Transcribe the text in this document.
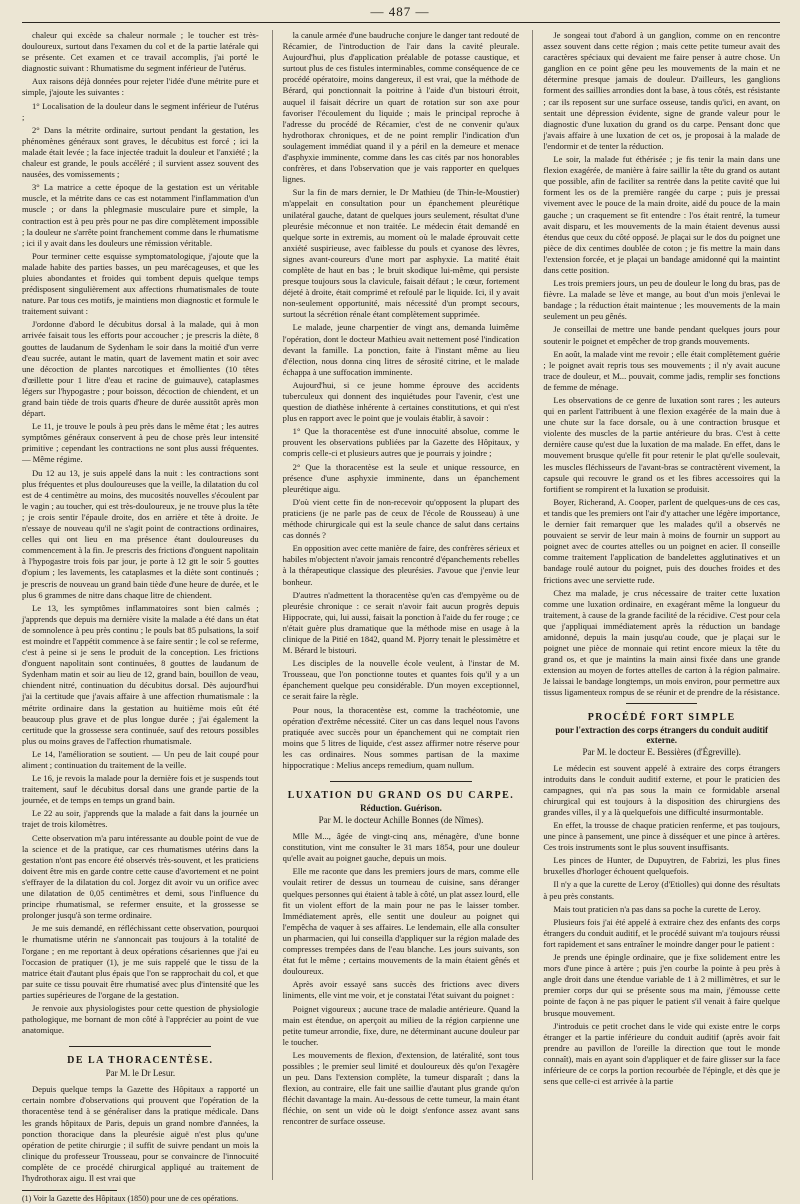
— 487 —

chaleur qui excède sa chaleur normale ; le toucher est très-douloureux, surtout dans l'examen du col et de la partie latérale qui se présente. Cet examen et ce travail accomplis, j'ai porté le diagnostic suivant : Rhumatisme du segment inférieur de l'utérus.

Aux raisons déjà données pour rejeter l'idée d'une métrite pure et simple, j'ajoute les suivantes :

1° Localisation de la douleur dans le segment inférieur de l'utérus ;

2° Dans la métrite ordinaire, surtout pendant la gestation, les phénomènes généraux sont graves, le décubitus est forcé ; ici la malade était levée ; la face injectée traduit la douleur et l'anxiété ; la chaleur est grande, le pouls accéléré ; il survient assez souvent des nausées, des vomissements ;

3° La matrice a cette époque de la gestation est un véritable muscle, et la métrite dans ce cas est notamment l'inflammation d'un muscle ; or dans la phlegmasie musculaire pure et simple, la contraction est à peu près pour ne pas dire complètement impossible ; la douleur ne s'arrête point franchement comme dans le rhumatisme ; ici il y avait dans les douleurs une rémission véritable.

Pour terminer cette esquisse symptomatologique, j'ajoute que la malade habite des parties basses, un peu marécageuses, et que les pluies abondantes et froides qui tombent depuis quelque temps prédisposent singulièrement aux affections rhumatismales de toute nature. Par tous ces motifs, je maintiens mon diagnostic et formule le traitement suivant :

J'ordonne d'abord le décubitus dorsal à la malade, qui à mon arrivée faisait tous les efforts pour accoucher ; je prescris la diète, 8 gouttes de laudanum de Sydenham le soir dans la moitié d'un verre d'eau sucrée, autant le matin, quart de lavement matin et soir avec une décoction de plantes narcotiques et émollientes (10 têtes d'œillette pour 1 litre d'eau et racine de guimauve), cataplasmes légers sur l'hypogastre ; pour boisson, décoction de chiendent, et un grand bain tiède de trois quarts d'heure de durée aussitôt après mon départ.

Le 11, je trouve le pouls à peu près dans le même état ; les autres symptômes généraux conservent à peu de chose près leur intensité primitive ; cependant les contractions ne sont plus aussi fréquentes. — Même régime.

Du 12 au 13, je suis appelé dans la nuit : les contractions sont plus fréquentes et plus douloureuses que la veille, la dilatation du col est de 4 centimètre au moins, des mucosités nouvelles s'écoulent par le vagin ; au toucher, qui est très-douloureux, je ne trouve plus la tête ; je crois sentir l'épaule droite, dos en arrière et tête à droite. Je n'essaye de nouveau qu'il ne s'agit point de contractions ordinaires, celles qui ont lieu en ma présence étant douloureuses du commencement à la fin. Je prescris des frictions d'onguent napolitain à l'hypogastre trois fois par jour, je porte à 12 gtt le soir 5 gouttes d'opium ; les lavements, les cataplasmes et la diète sont continués ; je prescris de nouveau un grand bain tiède d'une heure de durée, et le plus 6 grammes de nitre dans chaque litre de chiendent.

Le 13, les symptômes inflammatoires sont bien calmés ; j'apprends que depuis ma dernière visite la malade a été dans un état de somnolence à peu près continu ; le pouls bat 85 pulsations, la soif est moindre et l'appétit commence à se faire sentir ; le col se referme, c'est à peine si je sens le produit de la conception. Les frictions d'onguent napolitain sont continuées, 8 gouttes de laudanum de Sydenham matin et soir au lieu de 12, grand bain, bouillon de veau, chiendent nitré, continuation du décubitus dorsal. Dès aujourd'hui j'ai la certitude que j'avais affaire à une affection rhumatismale : la métrite ordinaire dans la gestation au huitième mois eût été beaucoup plus grave et de plus longue durée ; j'ai également la certitude que la grossesse sera continuée, sauf des retours possibles plus ou moins graves de l'affection rhumatismale.

Le 14, l'amélioration se soutient. — Un peu de lait coupé pour aliment ; continuation du traitement de la veille.

Le 16, je revois la malade pour la dernière fois et je suspends tout traitement, sauf le décubitus dorsal dans une grande partie de la journée, et de temps en temps un grand bain.

Le 22 au soir, j'apprends que la malade a fait dans la journée un trajet de trois kilomètres.

Cette observation m'a paru intéressante au double point de vue de la science et de la pratique, car ces rhumatismes utérins dans la gestation n'ont pas encore été observés très-souvent, et les praticiens doivent être mis en garde contre cette cause d'avortement et ne point s'effrayer de la dilatation du col. Jorgez dit avoir vu un orifice avec une dilatation de 0,05 centimètres et demi, sous l'influence du principe rhumatismal, se refermer ensuite, et la grossesse se prolonger jusqu'à son terme ordinaire.

Je me suis demandé, en réfléchissant cette observation, pourquoi le rhumatisme utérin ne s'annoncait pas toujours à la totalité de l'organe ; en me reportant à deux opérations césariennes que j'ai eu l'occasion de pratiquer (1), je me suis rappelé que le tissu de la matrice était d'autant plus épais que l'on se rapprochait du col, et que par suite ce tissu pouvait être rhumatisé avec plus d'intensité que les parties supérieures de l'organe de la gestation.

Je renvoie aux physiologistes pour cette question de physiologie pathologique, me bornant de mon côté à l'apprécier au point de vue anatomique.

DE LA THORACENTÈSE.
Par M. le Dr Lesur.

Depuis quelque temps la Gazette des Hôpitaux a rapporté un certain nombre d'observations qui prouvent que l'opération de la thoracentèse tend à se généraliser dans la pratique médicale. Dans les grands hôpitaux de Paris, depuis un grand nombre d'années, la ponction thoracique dans la pleurésie aiguë n'est plus qu'une opération de petite chirurgie ; il suffit de suivre pendant un mois la clinique du professeur Trousseau, pour se convaincre de l'innocuité complète de ce procédé chirurgical appliqué au traitement de l'hydrothorax aigu. Il est vrai que

(1) Voir la Gazette des Hôpitaux (1850) pour une de ces opérations.

la canule armée d'une baudruche conjure le danger tant redouté de Récamier, de l'introduction de l'air dans la cavité pleurale. Aujourd'hui, plus d'application préalable de potasse caustique, et surtout plus de ces fistules interminables, comme conséquence de ce procédé opératoire, moins dangereux, il est vrai, que la méthode de Bérard, qui ponctionnait la poitrine à l'aide d'un bistouri étroit, auquel il faisait décrire un quart de rotation sur son axe pour favoriser l'écoulement du liquide ; mais le principal reproche à l'adresse du procédé de Récamier, c'est de ne convenir qu'aux hydrothorax chroniques, et de ne point remplir l'indication d'un soulagement immédiat quand il y a péril en la demeure et menace d'asphyxie imminente, comme dans les cas cités par nos honorables confrères, et dans l'observation que je vais rapporter en quelques lignes.

Sur la fin de mars dernier, le Dr Mathieu (de Thin-le-Moustier) m'appelait en consultation pour un épanchement pleurétique unilatéral gauche, datant de quelques jours seulement, résultat d'une pleurésie méconnue et non traitée. Le médecin était demandé en quelque sorte in extremis, au moment où le malade éprouvait cette anxiété suspirieuse, avec faiblesse du pouls et cyanose des lèvres, signes avant-coureurs d'une mort par asphyxie. La matité était complète de haut en bas ; le bruit skodique lui-même, qui persiste presque toujours sous la clavicule, faisait défaut ; le cœur, fortement déjeté à droite, était comprimé et refoulé par le liquide. Ici, il y avait non-seulement opportunité, mais nécessité d'un prompt secours, surtout la sécrétion rénale étant complètement supprimée.

Le malade, jeune charpentier de vingt ans, demanda luimême l'opération, dont le docteur Mathieu avait nettement posé l'indication devant la famille. La ponction, faite à l'instant même au lieu d'élection, nous donna cinq litres de sérosité citrine, et le malade échappa à une suffocation imminente.

Aujourd'hui, si ce jeune homme éprouve des accidents tuberculeux qui donnent des inquiétudes pour l'avenir, c'est une question de diathèse inhérente à certaines constitutions, et qui n'est plus en rapport avec le point que je voulais établir, à savoir :

1° Que la thoracentèse est d'une innocuité absolue, comme le prouvent les observations publiées par la Gazette des Hôpitaux, y compris celle-ci et plusieurs autres que je pourrais y joindre ;

2° Que la thoracentèse est la seule et unique ressource, en présence d'une asphyxie imminente, dans un épanchement pleurétique aigu.

D'où vient cette fin de non-recevoir qu'opposent la plupart des praticiens (je ne parle pas de ceux de l'école de Rousseau) à une méthode chirurgicale qui est la seule chance de salut dans certains cas donnés ?

En opposition avec cette manière de faire, des confrères sérieux et habiles m'objectent n'avoir jamais rencontré d'épanchements rebelles à la thérapeutique classique des pleurésies. J'avoue que j'envie leur bonheur.

D'autres n'admettent la thoracentèse qu'en cas d'empyème ou de pleurésie chronique : ce serait n'avoir fait aucun progrès depuis Hippocrate, qui, lui aussi, faisait la ponction à l'aide du fer rouge ; ce n'était guère plus dramatique que la méthode mise en usage à la clinique de la Pitié en 1842, quand M. Pjorry tenait le plessimètre et M. Bérard le bistouri.

Les disciples de la nouvelle école veulent, à l'instar de M. Trousseau, que l'on ponctionne toutes et quantes fois qu'il y a un épanchement quelque peu considérable. D'un moyen exceptionnel, ce serait faire la règle.

Pour nous, la thoracentèse est, comme la trachéotomie, une opération d'extrême nécessité. Citer un cas dans lequel nous l'avons pratiquée avec succès pour un épanchement qui ne comptait rien moins que 5 litres de liquide, c'est assez affirmer notre réserve pour les cas ordinaires. Nous sommes partisan de la maxime hippocratique : Melius anceps remedium, quam nullum.

LUXATION DU GRAND OS DU CARPE.
Réduction. Guérison.
Par M. le docteur Achille Bonnes (de Nîmes).

Mlle M..., âgée de vingt-cinq ans, ménagère, d'une bonne constitution, vint me consulter le 31 mars 1854, pour une douleur qu'elle avait au poignet gauche, depuis un mois.

Elle me raconte que dans les premiers jours de mars, comme elle voulait retirer de dessus un tourneau de cuisine, sans déranger quelques personnes qui étaient à table à côté, un plat assez lourd, elle fit un violent effort de la main pour ne pas le laisser tomber. Immédiatement après, elle sentit une douleur au poignet qui l'empêcha de vaquer à ses affaires. Le lendemain, elle alla consulter un pharmacien, qui lui conseilla d'appliquer sur la région malade des compresses trempées dans de l'eau blanche. Les jours suivants, son état fut le même ; certains mouvements de la main étaient gênés et douloureux.

Après avoir essayé sans succès des frictions avec divers liniments, elle vint me voir, et je constatai l'état suivant du poignet :

Poignet vigoureux ; aucune trace de maladie antérieure. Quand la main est étendue, on aperçoit au milieu de la région carpienne une petite tumeur arrondie, fixe, dure, ne déterminant aucune douleur par le toucher.

Les mouvements de flexion, d'extension, de latéralité, sont tous possibles ; le premier seul limité et douloureux dès qu'on l'exagère un peu. Dans l'extension complète, la tumeur disparaît ; dans la flexion, au contraire, elle fait une saillie d'autant plus grande qu'on fléchit davantage la main. Au-dessous de cette tumeur, la main étant fléchie, on sent un vide où le doigt s'enfonce assez avant sans rencontrer de surface osseuse.

Je songeai tout d'abord à un ganglion, comme on en rencontre assez souvent dans cette région ; mais cette petite tumeur avait des caractères spéciaux qui devaient me faire penser à autre chose. Un ganglion en ce point gêne peu les mouvements de la main et ne détermine presque jamais de douleur. D'ailleurs, les ganglions forment des saillies arrondies dont la base, à tous côtés, est résistante ; car ils reposent sur une surface osseuse, tandis qu'ici, en avant, on sentait une dépression évidente, signe de grande valeur pour le diagnostic d'une luxation du grand os du carpe. Pensant donc que j'avais affaire à une luxation de cet os, je proposai à la malade de l'endormir et de tenter la réduction.

Le soir, la malade fut éthérisée ; je fis tenir la main dans une flexion exagérée, de manière à faire saillir la tête du grand os autant que possible, afin de faciliter sa rentrée dans la petite cavité que lui forment les os de la première rangée du carpe ; puis je pressai vivement avec le pouce de la main droite, aidé du pouce de la main gauche ; un craquement se fit entendre : l'os était rentré, la tumeur avait disparu, et les mouvements de la main étaient devenus aussi étendus que ceux du côté opposé. Je plaçai sur le dos du poignet une pièce de dix centimes doublée de coton ; je fis mettre la main dans l'extension forcée, et je plaçai un bandage amidonné qui la maintint dans cette position.

Les trois premiers jours, un peu de douleur le long du bras, pas de fièvre. La malade se lève et mange, au bout d'un mois j'enlevai le bandage ; la réduction était maintenue ; les mouvements de la main seulement un peu gênés.

Je conseillai de mettre une bande pendant quelques jours pour soutenir le poignet et empêcher de trop grands mouvements.

En août, la malade vint me revoir ; elle était complètement guérie ; le poignet avait repris tous ses mouvements ; il n'y avait aucune trace de douleur, et M... pouvait, comme jadis, remplir ses fonctions de femme de ménage.

Les observations de ce genre de luxation sont rares ; les auteurs qui en parlent l'attribuent à une flexion exagérée de la main due à une chute sur la face dorsale, ou à une contraction brusque et violente des muscles de la partie antérieure du bras. C'est à cette dernière cause qu'est due la luxation de ma malade. En effet, dans le mouvement brusque qu'elle fit pour retenir le plat qu'elle soulevait, les muscles fléchisseurs de l'avant-bras se contractèrent vivement, la capsule qui recouvre le grand os et les fibres accessoires qui la fortifient se rompirent et la luxation se produisit.

Boyer, Richerand, A. Cooper, parlent de quelques-uns de ces cas, et tandis que les premiers ont l'air d'y attacher une légère importance, le dernier fait remarquer que les malades qu'il a observés ne pouvaient se servir de leur main à moins de fournir un support au poignet avec de courtes attelles ou un poignet en acier. Il conseille comme traitement l'application de bandelettes agglutinatives et un bandage roulé autour du poignet, puis des douches froides et des frictions avec une serviette rude.

Chez ma malade, je crus nécessaire de traiter cette luxation comme une luxation ordinaire, en exagérant même la longueur du traitement, à cause de la grande facilité de la récidive. C'est pour cela que j'appliquai immédiatement après la réduction un bandage amidonné, depuis la main jusqu'au coude, que je plaçai sur le poignet une pièce de monnaie qui retint encore mieux la tête du grand os, et que je maintins la main ainsi fixée dans une grande extension au moyen de fortes attelles de carton à la région palmaire. Je laissai le bandage longtemps, un mois environ, pour permettre aux tissus ligamenteux rompus de se réunir et de prendre de la résistance.

PROCÉDÉ FORT SIMPLE
pour l'extraction des corps étrangers du conduit auditif externe.
Par M. le docteur E. Bessières (d'Égreville).

Le médecin est souvent appelé à extraire des corps étrangers introduits dans le conduit auditif externe, et pour le praticien des campagnes, qui n'a pas sous la main ce formidable arsenal chirurgical qui est toujours à la disposition des chirurgiens des grandes villes, il y a là quelquefois une difficulté insurmontable.

En effet, la trousse de chaque praticien renferme, et pas toujours, une pince à pansement, une pince à disséquer et une pince à artères. Ces trois instruments sont le plus souvent insuffisants.

Les pinces de Hunter, de Dupuytren, de Fabrizi, les plus fines bruxelles d'horloger échouent quelquefois.

Il n'y a que la curette de Leroy (d'Etiolles) qui donne des résultats à peu près constants.

Mais tout praticien n'a pas dans sa poche la curette de Leroy.

Plusieurs fois j'ai été appelé à extraire chez des enfants des corps étrangers du conduit auditif, et le procédé suivant m'a toujours réussi fort rapidement et sans entraîner le moindre danger pour le patient :

Je prends une épingle ordinaire, que je fixe solidement entre les mors d'une pince à artère ; puis j'en courbe la pointe à peu près à angle droit dans une étendue variable de 1 à 2 millimètres, et sur le premier corps dur qui se présente sous ma main, j'émousse cette pointe de façon à ne pas piquer le patient s'il venait à faire quelque brusque mouvement.

J'introduis ce petit crochet dans le vide qui existe entre le corps étranger et la partie inférieure du conduit auditif (après avoir fait prendre au pavillon de l'oreille la direction que tout le monde connaît), mais en ayant soin d'appliquer et de faire glisser sur la face inférieure de ce corps la portion recourbée de l'épingle, et dès que je sens que celle-ci est arrivée à la partie
